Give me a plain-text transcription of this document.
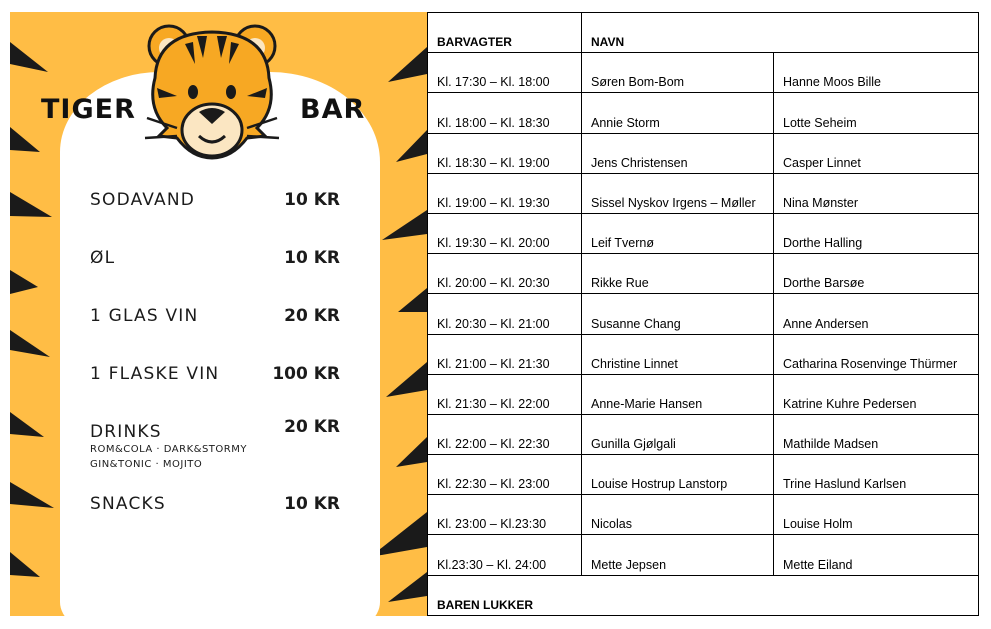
TIGER	BAR
SODAVAND	10 KR
ØL	10 KR
1 GLAS VIN	20 KR
1 FLASKE VIN	100 KR
DRINKS	20 KR
ROM&COLA · DARK&STORMY
GIN&TONIC · MOJITO
SNACKS	10 KR
BARVAGTER	NAVN	
Kl. 17:30 – Kl. 18:00	Søren Bom-Bom	Hanne Moos Bille
Kl. 18:00 – Kl. 18:30	Annie Storm	Lotte Seheim
Kl. 18:30 – Kl. 19:00	Jens Christensen	Casper Linnet
Kl. 19:00 – Kl. 19:30	Sissel Nyskov Irgens – Møller	Nina Mønster
Kl. 19:30 – Kl. 20:00	Leif Tvernø	Dorthe Halling
Kl. 20:00 – Kl. 20:30	Rikke Rue	Dorthe Barsøe
Kl. 20:30 – Kl. 21:00	Susanne Chang	Anne Andersen
Kl. 21:00 – Kl. 21:30	Christine Linnet	Catharina Rosenvinge Thürmer
Kl. 21:30 – Kl. 22:00	Anne-Marie Hansen	Katrine Kuhre Pedersen
Kl. 22:00 – Kl. 22:30	Gunilla Gjølgali	Mathilde Madsen
Kl. 22:30 – Kl. 23:00	Louise Hostrup Lanstorp	Trine Haslund Karlsen
Kl. 23:00 – Kl.23:30	Nicolas	Louise Holm
Kl.23:30 – Kl. 24:00	Mette Jepsen	Mette Eiland
BAREN LUKKER		
